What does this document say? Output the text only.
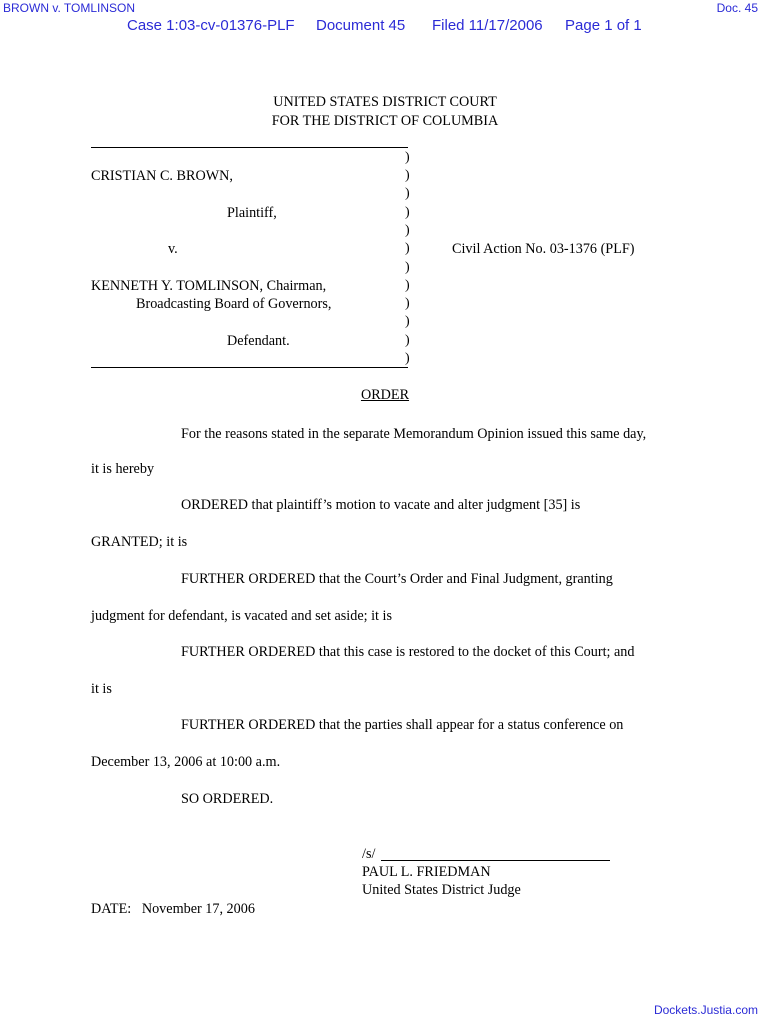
BROWN v. TOMLINSON	Doc. 45
Case 1:03-cv-01376-PLF Document 45 Filed 11/17/2006 Page 1 of 1
UNITED STATES DISTRICT COURT
FOR THE DISTRICT OF COLUMBIA
)
)
)
)
)
)
)
)
)
)
)
)
CRISTIAN C. BROWN,
Plaintiff,
v.	Civil Action No. 03-1376 (PLF)
KENNETH Y. TOMLINSON, Chairman,
Broadcasting Board of Governors,
Defendant.
ORDER
For the reasons stated in the separate Memorandum Opinion issued this same day,
it is hereby
ORDERED that plaintiff’s motion to vacate and alter judgment [35] is
GRANTED; it is
FURTHER ORDERED that the Court’s Order and Final Judgment, granting
judgment for defendant, is vacated and set aside; it is
FURTHER ORDERED that this case is restored to the docket of this Court; and
it is
FURTHER ORDERED that the parties shall appear for a status conference on
December 13, 2006 at 10:00 a.m.
SO ORDERED.
/s/
PAUL L. FRIEDMAN
United States District Judge
DATE:   November 17, 2006
Dockets.Justia.com
